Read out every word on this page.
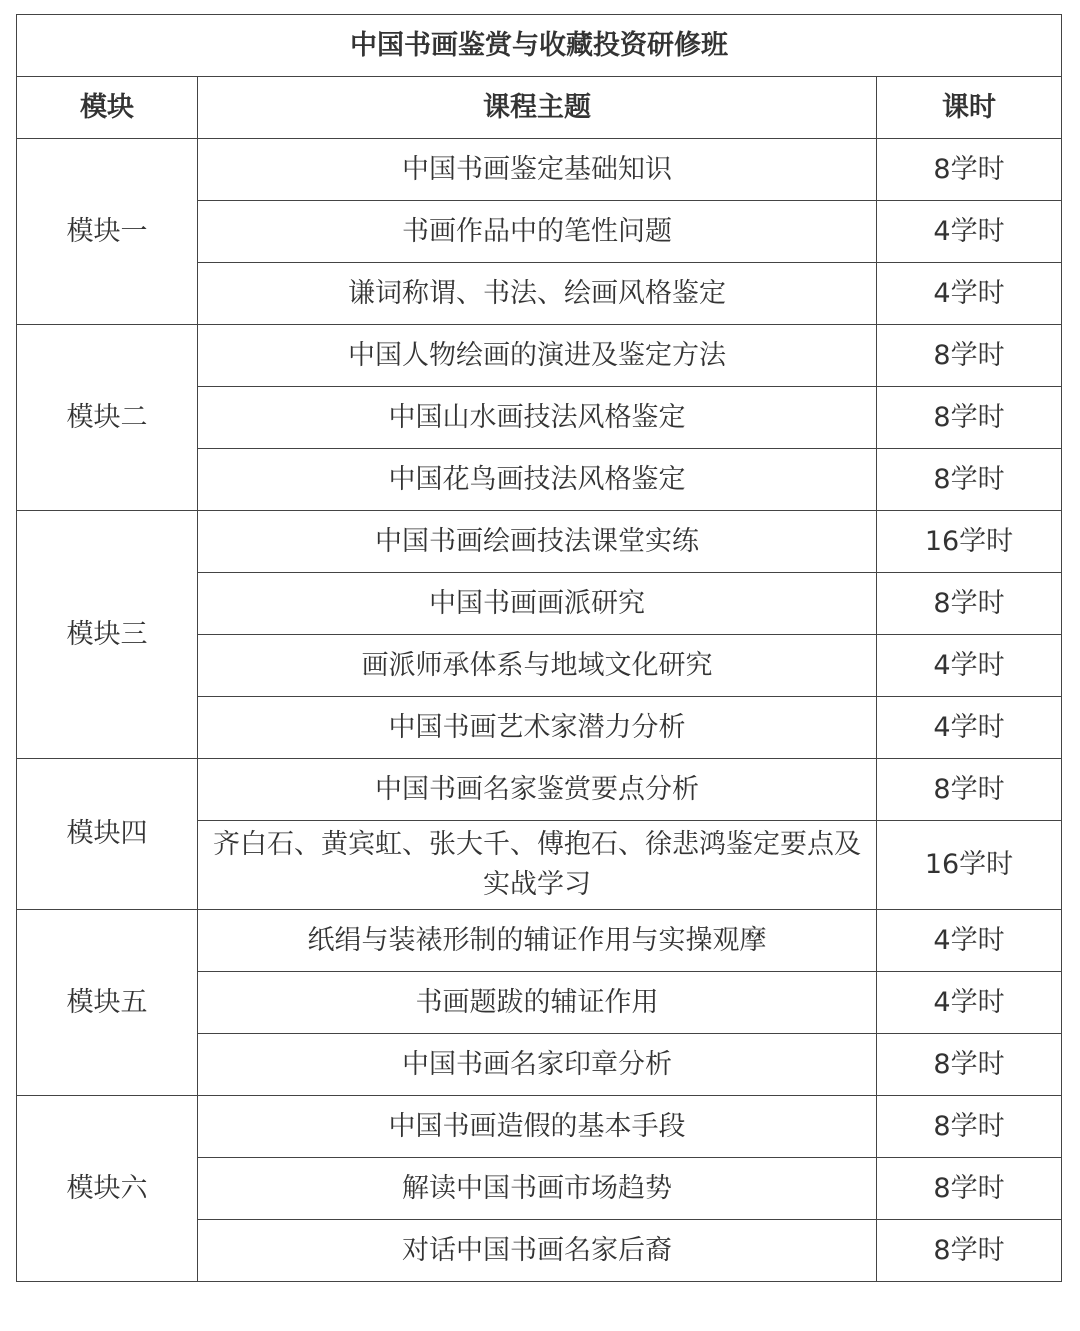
中国书画鉴赏与收藏投资研修班		
模块	课程主题	课时
模块一	中国书画鉴定基础知识	8学时
	书画作品中的笔性问题	4学时
	谦词称谓、书法、绘画风格鉴定	4学时
模块二	中国人物绘画的演进及鉴定方法	8学时
	中国山水画技法风格鉴定	8学时
	中国花鸟画技法风格鉴定	8学时
模块三	中国书画绘画技法课堂实练	16学时
	中国书画画派研究	8学时
	画派师承体系与地域文化研究	4学时
	中国书画艺术家潜力分析	4学时
模块四	中国书画名家鉴赏要点分析	8学时
	齐白石、黄宾虹、张大千、傅抱石、徐悲鸿鉴定要点及实战学习	16学时
模块五	纸绢与装裱形制的辅证作用与实操观摩	4学时
	书画题跋的辅证作用	4学时
	中国书画名家印章分析	8学时
模块六	中国书画造假的基本手段	8学时
	解读中国书画市场趋势	8学时
	对话中国书画名家后裔	8学时
